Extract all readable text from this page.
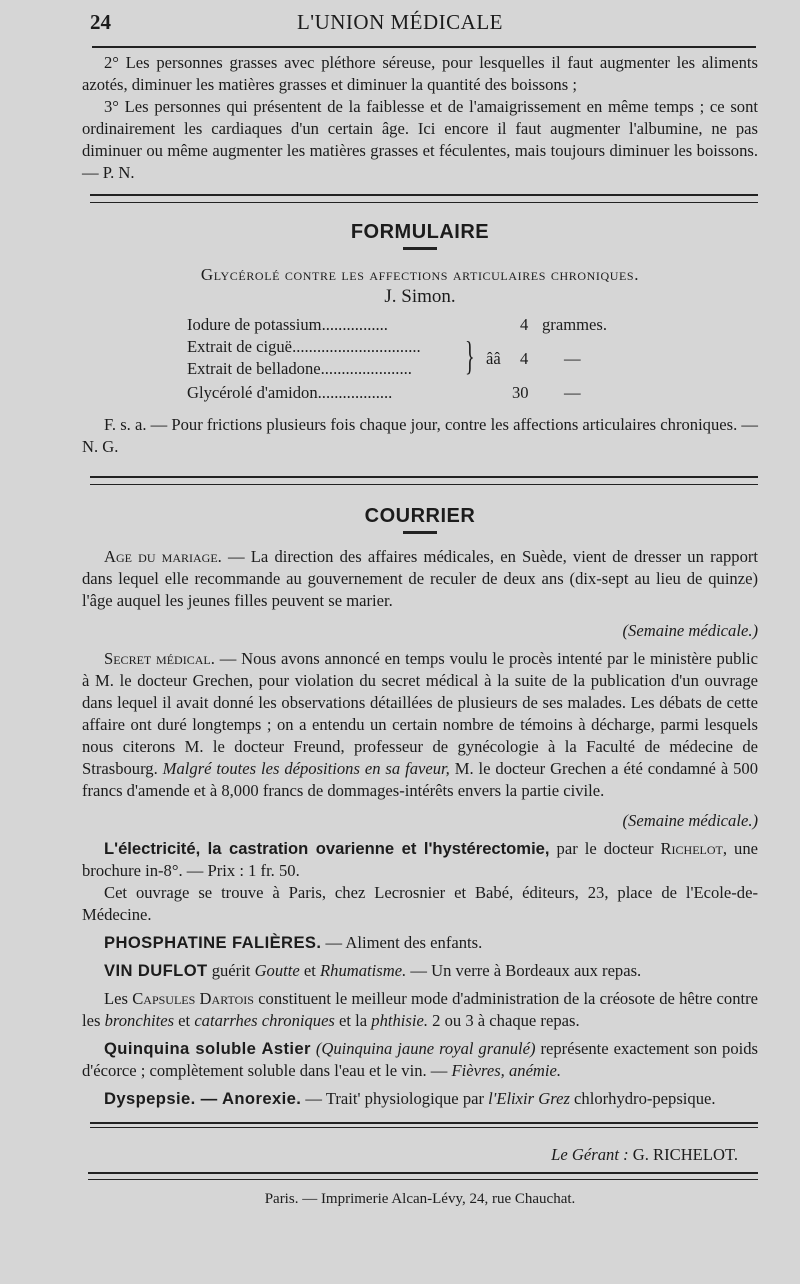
24	L'UNION MÉDICALE

2° Les personnes grasses avec pléthore séreuse, pour lesquelles il faut augmenter les aliments azotés, diminuer les matières grasses et diminuer la quantité des boissons ;

3° Les personnes qui présentent de la faiblesse et de l'amaigrissement en même temps ; ce sont ordinairement les cardiaques d'un certain âge. Ici encore il faut augmenter l'albumine, ne pas diminuer ou même augmenter les matières grasses et féculentes, mais toujours diminuer les boissons. — P. N.

FORMULAIRE
Glycérolé contre les affections articulaires chroniques.
J. Simon.
Iodure de potassium................	4 grammes.
Extrait de ciguë...............................
Extrait de belladone...................... } ââ 4 —
Glycérolé d'amidon..................	30 —

F. s. a. — Pour frictions plusieurs fois chaque jour, contre les affections articulaires chroniques. — N. G.

COURRIER

Age du mariage. — La direction des affaires médicales, en Suède, vient de dresser un rapport dans lequel elle recommande au gouvernement de reculer de deux ans (dix-sept au lieu de quinze) l'âge auquel les jeunes filles peuvent se marier.

(Semaine médicale.)

Secret médical. — Nous avons annoncé en temps voulu le procès intenté par le ministère public à M. le docteur Grechen, pour violation du secret médical à la suite de la publication d'un ouvrage dans lequel il avait donné les observations détaillées de plusieurs de ses malades. Les débats de cette affaire ont duré longtemps ; on a entendu un certain nombre de témoins à décharge, parmi lesquels nous citerons M. le docteur Freund, professeur de gynécologie à la Faculté de médecine de Strasbourg. Malgré toutes les dépositions en sa faveur, M. le docteur Grechen a été condamné à 500 francs d'amende et à 8,000 francs de dommages-intérêts envers la partie civile.

(Semaine médicale.)

L'électricité, la castration ovarienne et l'hystérectomie, par le docteur Richelot, une brochure in-8°. — Prix : 1 fr. 50.

Cet ouvrage se trouve à Paris, chez Lecrosnier et Babé, éditeurs, 23, place de l'Ecole-de-Médecine.

PHOSPHATINE FALIÈRES. — Aliment des enfants.

VIN DUFLOT guérit Goutte et Rhumatisme. — Un verre à Bordeaux aux repas.

Les Capsules Dartois constituent le meilleur mode d'administration de la créosote de hêtre contre les bronchites et catarrhes chroniques et la phthisie. 2 ou 3 à chaque repas.

Quinquina soluble Astier (Quinquina jaune royal granulé) représente exactement son poids d'écorce ; complètement soluble dans l'eau et le vin. — Fièvres, anémie.

Dyspepsie. — Anorexie. — Trait' physiologique par l'Elixir Grez chlorhydro-pepsique.

Le Gérant : G. RICHELOT.

Paris. — Imprimerie Alcan-Lévy, 24, rue Chauchat.
